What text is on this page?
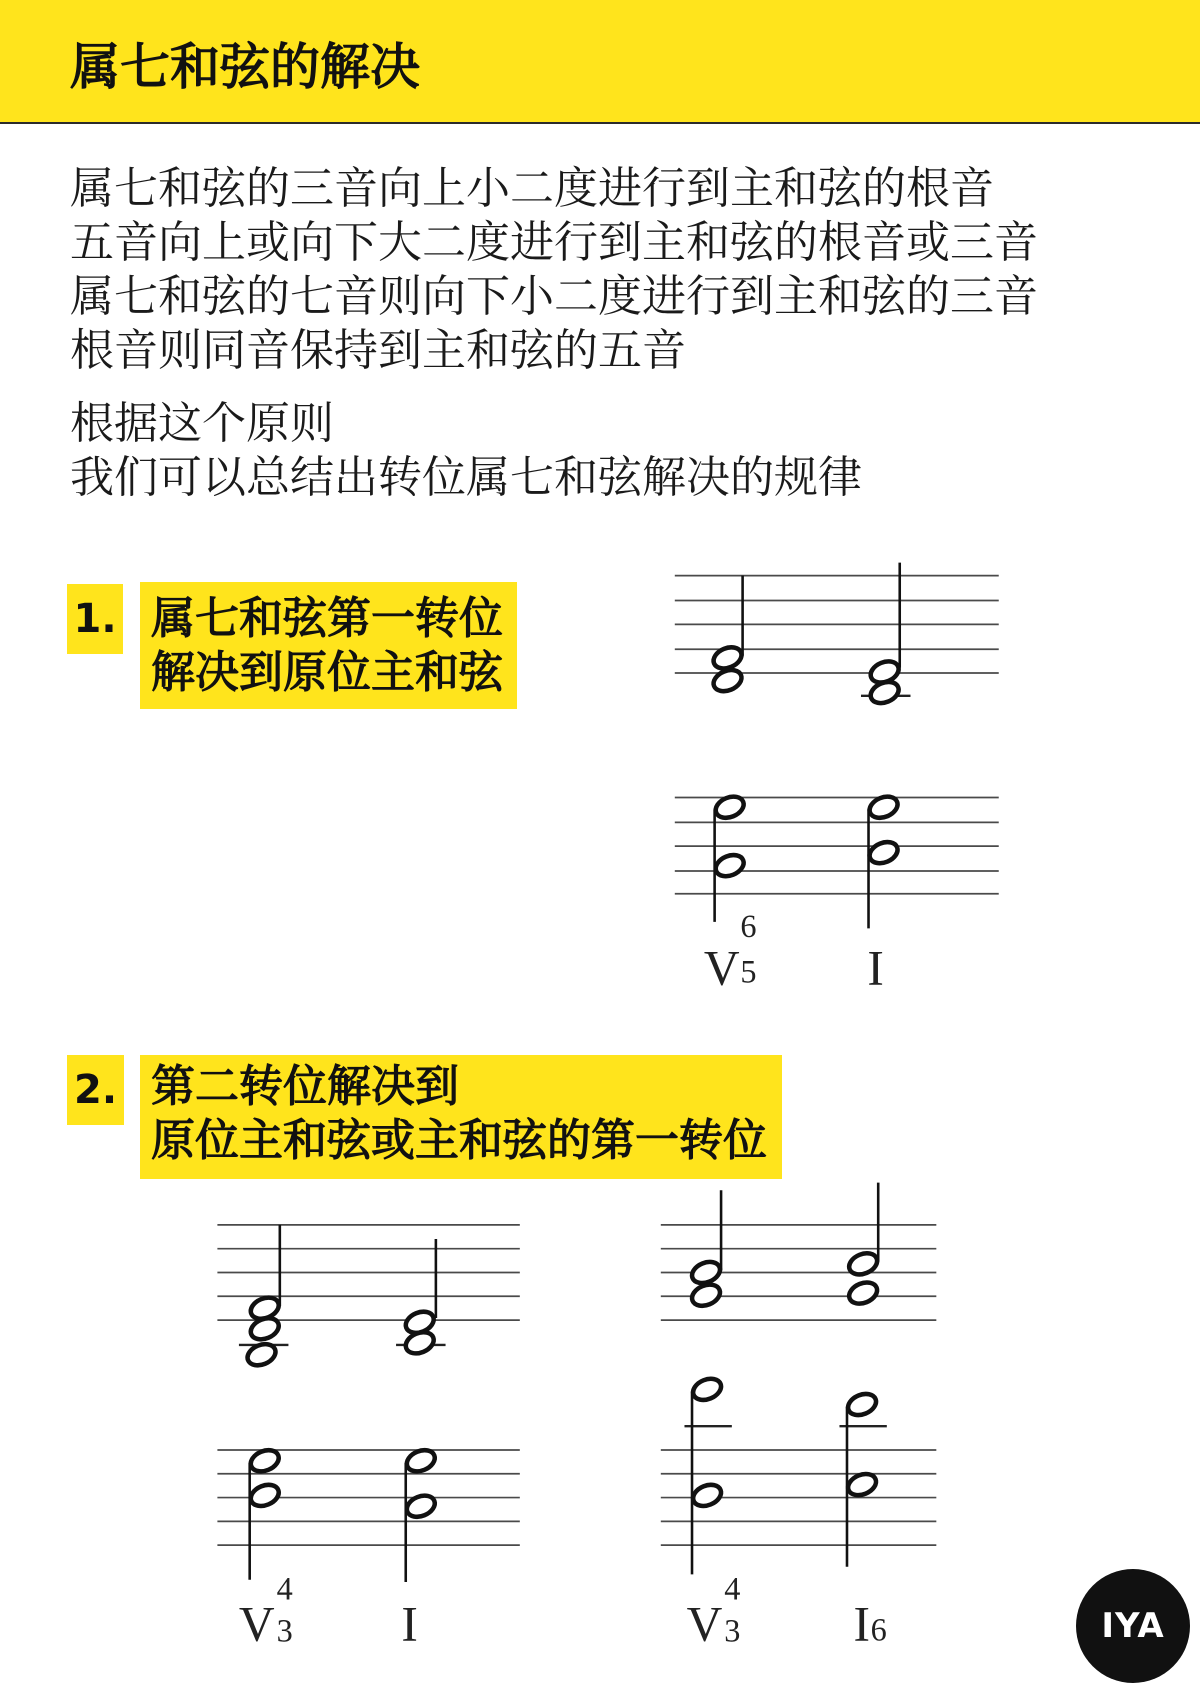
属七和弦的解决
属七和弦的三音向上小二度进行到主和弦的根音
五音向上或向下大二度进行到主和弦的根音或三音
属七和弦的七音则向下小二度进行到主和弦的三音
根音则同音保持到主和弦的五音
根据这个原则
我们可以总结出转位属七和弦解决的规律
1. 属七和弦第一转位
解决到原位主和弦
2. 第二转位解决到
原位主和弦或主和弦的第一转位
V
6
5 I
V
4
3 I	V
4
3 I 6	IYA
